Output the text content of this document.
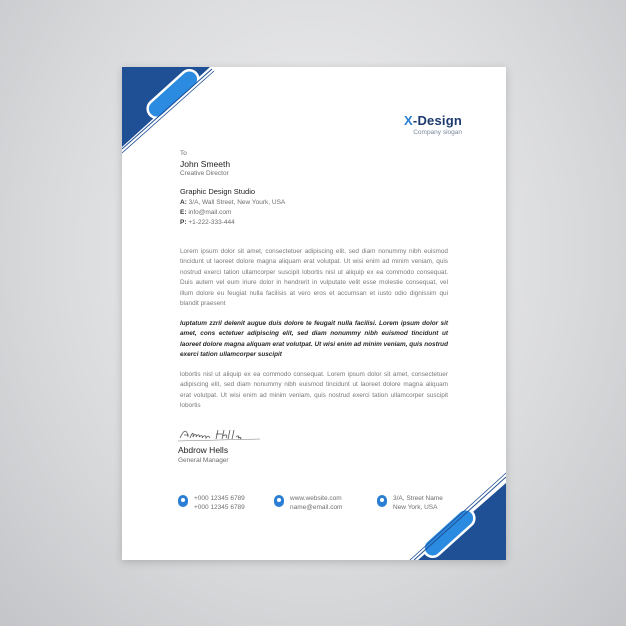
X-Design
Company slogan
To
John Smeeth
Creative Director
Graphic Design Studio
A: 3/A, Wall Street, New Yourk, USA
E: info@mail.com
P: +1-222-333-444
Lorem ipsum dolor sit amet, consectetuer adipiscing elit, sed diam nonummy nibh euismod tincidunt ut laoreet dolore magna aliquam erat volutpat. Ut wisi enim ad minim veniam, quis nostrud exerci tation ullamcorper suscipit lobortis nisl ut aliquip ex ea commodo consequat. Duis autem vel eum iriure dolor in hendrerit in vulputate velit esse molestie consequat, vel illum dolore eu feugiat nulla facilisis at vero eros et accumsan et iusto odio dignissim qui blandit praesent
luptatum zzril delenit augue duis dolore te feugait nulla facilisi. Lorem ipsum dolor sit amet, cons ectetuer adipiscing elit, sed diam nonummy nibh euismod tincidunt ut laoreet dolore magna aliquam erat volutpat. Ut wisi enim ad minim veniam, quis nostrud exerci tation ullamcorper suscipit
lobortis nisl ut aliquip ex ea commodo consequat. Lorem ipsum dolor sit amet, consectetuer adipiscing elit, sed diam nonummy nibh euismod tincidunt ut laoreet dolore magna aliquam erat volutpat. Ut wisi enim ad minim veniam, quis nostrud exerci tation ullamcorper suscipit lobortis
Abdrow Hells
General Manager
+000 12345 6789
+000 12345 6789
www.website.com
name@email.com
3/A, Street Name
New York, USA
